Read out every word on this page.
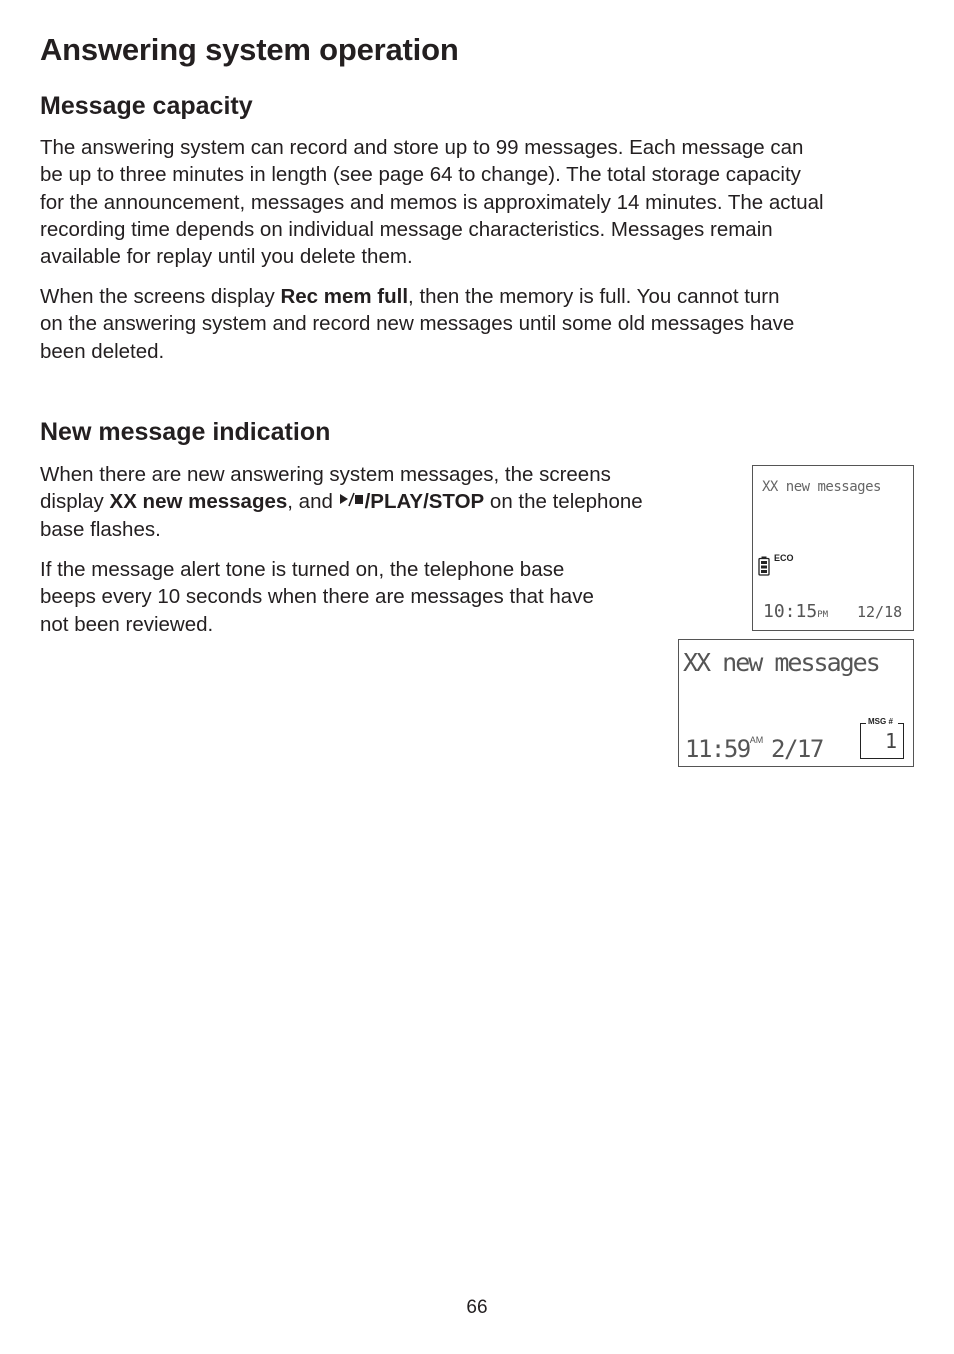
Answering system operation
Message capacity

The answering system can record and store up to 99 messages. Each message can
be up to three minutes in length (see page 64 to change). The total storage capacity
for the announcement, messages and memos is approximately 14 minutes. The actual
recording time depends on individual message characteristics. Messages remain
available for replay until you delete them.

When the screens display Rec mem full, then the memory is full. You cannot turn
on the answering system and record new messages until some old messages have
been deleted.

New message indication

When there are new answering system messages, the screens
display XX new messages, and /PLAY/STOP on the telephone
base flashes.

If the message alert tone is turned on, the telephone base
beeps every 10 seconds when there are messages that have
not been reviewed.

XX new messages
ECO
10:15PM 12/18
XX new messages
$11:59^{AM}$ 2/17
MSG #
1
66
